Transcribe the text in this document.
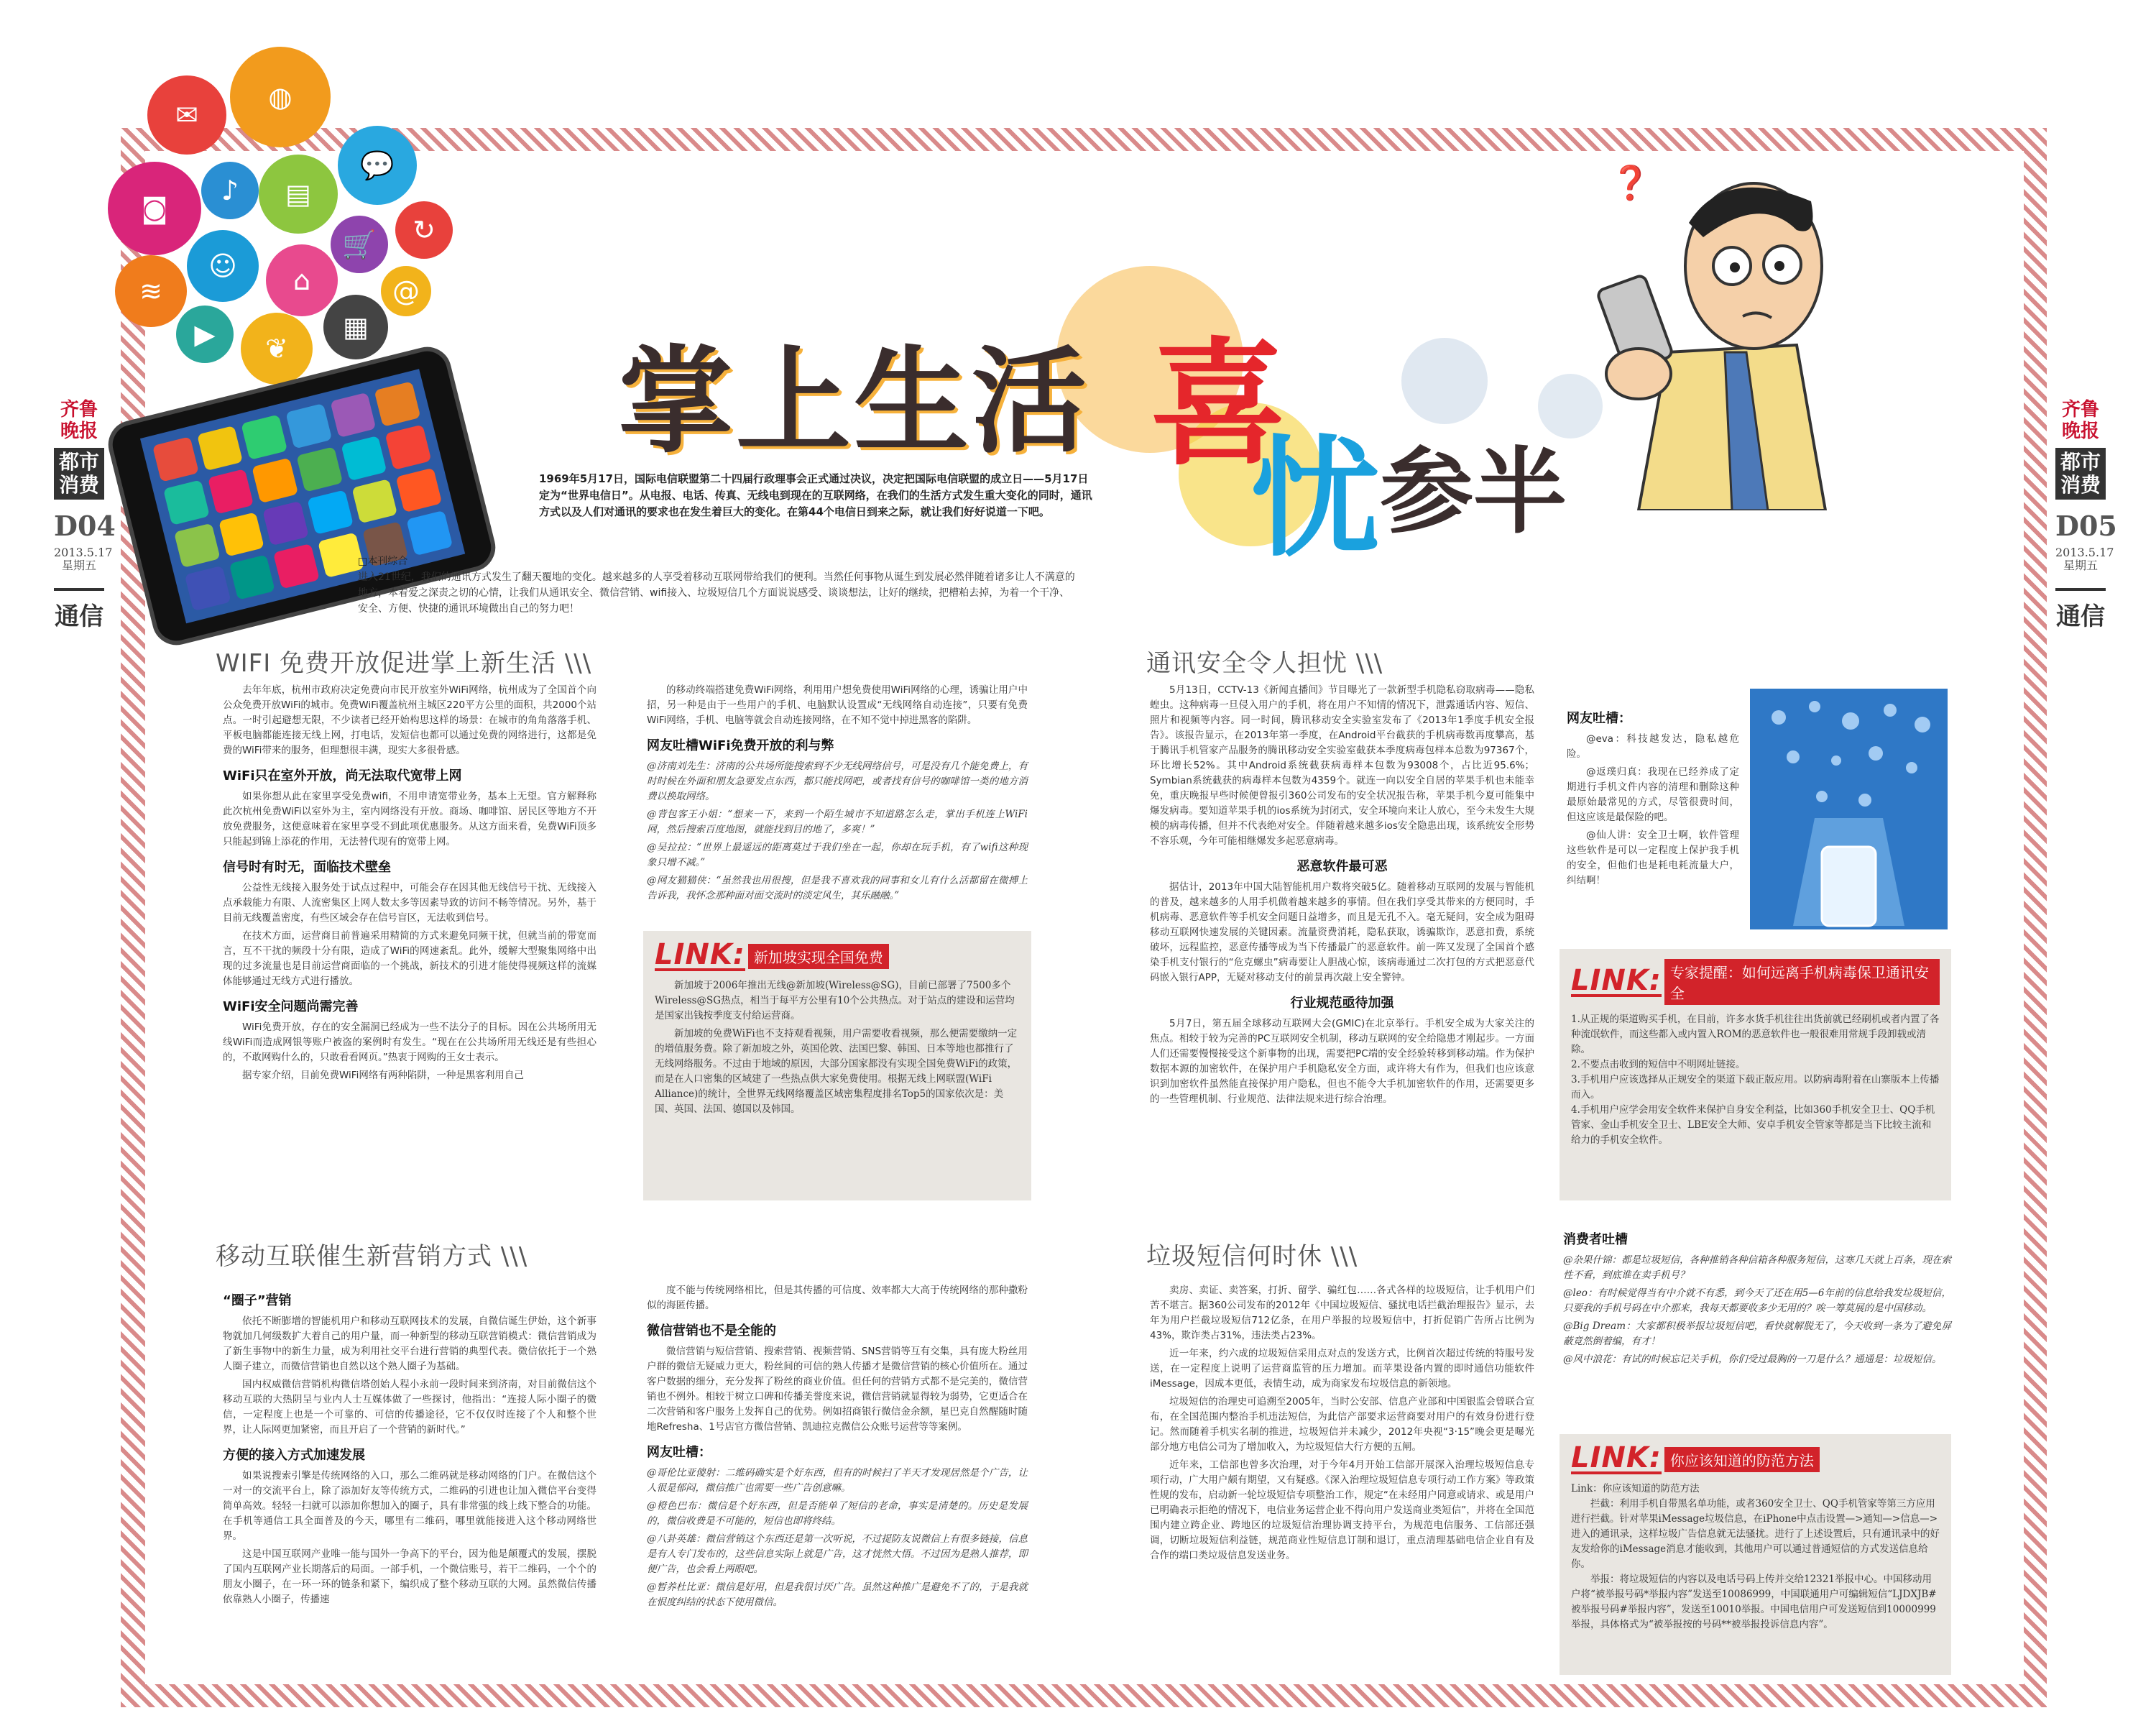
齐鲁晚报
都市消费
D04
2013.5.17 星期五
通信
齐鲁晚报
都市消费
D05
2013.5.17 星期五
通信
✉
◍
◙
♪	▤
💬
☺
≋	⌂
🛒	↻
@
▶	❦
▦
掌上生活 喜
忧 参半
❓
1969年5月17日，国际电信联盟第二十四届行政理事会正式通过决议，决定把国际电信联盟的成立日——5月17日定为“世界电信日”。从电报、电话、传真、无线电到现在的互联网络，在我们的生活方式发生重大变化的同时，通讯方式以及人们对通讯的要求也在发生着巨大的变化。在第44个电信日到来之际，就让我们好好说道一下吧。
□本刊综合
进入21世纪，我们的通讯方式发生了翻天覆地的变化。越来越多的人享受着移动互联网带给我们的便利。当然任何事物从诞生到发展必然伴随着诸多让人不满意的地方，本着爱之深责之切的心情，让我们从通讯安全、微信营销、wifi接入、垃圾短信几个方面说说感受、谈谈想法，让好的继续，把槽粕去掉，为着一个干净、安全、方便、快捷的通讯环境做出自己的努力吧！
WIFI 免费开放促进掌上新生活 \\\

去年年底，杭州市政府决定免费向市民开放室外WiFi网络，杭州成为了全国首个向公众免费开放WiFi的城市。免费WiFi覆盖杭州主城区220平方公里的面积，共2000个站点。一时引起避想无限，不少读者已经开始构思这样的场景：在城市的角角落落手机、平板电脑都能连接无线上网，打电话，发短信也都可以通过免费的网络进行，这都是免费的WiFi带来的服务，但理想很丰满，现实大多很骨感。

WiFi只在室外开放，尚无法取代宽带上网

如果你想从此在家里享受免费wifi，不用申请宽带业务，基本上无望。官方解释称此次杭州免费WiFi以室外为主，室内网络没有开放。商场、咖啡馆、居民区等地方不开放免费服务，这便意味着在家里享受不到此项优惠服务。从这方面来看，免费WiFi顶多只能起到锦上添花的作用，无法替代现有的宽带上网。

信号时有时无，面临技术壁垒

公益性无线接入服务处于试点过程中，可能会存在因其他无线信号干扰、无线接入点承载能力有限、人流密集区上网人数太多等因素导致的访问不畅等情况。另外，基于目前无线覆盖密度，有些区域会存在信号盲区，无法收到信号。

在技术方面，运营商目前普遍采用精简的方式来避免同频干扰，但就当前的带宽而言，互不干扰的频段十分有限，造成了WiFi的网速紊乱。此外，缓解大型聚集网络中出现的过多流量也是目前运营商面临的一个挑战，新技术的引进才能使得视频这样的流媒体能够通过无线方式进行播放。

WiFi安全问题尚需完善

WiFi免费开放，存在的安全漏洞已经成为一些不法分子的目标。因在公共场所用无线WiFi而造成网银等账户被盗的案例时有发生。“现在在公共场所用无线还是有些担心的，不敢网购什么的，只敢看看网页。”热衷于网购的王女士表示。

据专家介绍，目前免费WiFi网络有两种陷阱，一种是黑客利用自己

的移动终端搭建免费WiFi网络，利用用户想免费使用WiFi网络的心理，诱骗让用户中招，另一种是由于一些用户的手机、电脑默认设置成“无线网络自动连接”，只要有免费WiFi网络，手机、电脑等就会自动连接网络，在不知不觉中掉进黑客的陷阱。

网友吐槽WiFi免费开放的利与弊

@济南刘先生：济南的公共场所能搜索到不少无线网络信号，可是没有几个能免费上，有时时候在外面和朋友急要发点东西，都只能找网吧，或者找有信号的咖啡馆一类的地方消费以换取网络。

@背包客王小姐：“想来一下，来到一个陌生城市不知道路怎么走，掌出手机连上WiFi网，然后搜索百度地图，就能找到目的地了，多爽！”

@吴拉拉：“世界上最遥远的距离莫过于我们坐在一起，你却在玩手机，有了wifi这种现象只增不减。”

@网友猫猫侠：“虽然我也用很搜，但是我不喜欢我的同事和女儿有什么活都留在微搏上告诉我，我怀念那种面对面交流时的淡定风生，其乐融融。”

LINK: 新加坡实现全国免费

新加坡于2006年推出无线@新加坡(Wireless@SG)，目前已部署了7500多个Wireless@SG热点，相当于每平方公里有10个公共热点。对于站点的建设和运营均是国家出钱按季度支付给运营商。

新加坡的免费WiFi也不支持观看视频，用户需要收看视频，那么便需要缴纳一定的增值服务费。除了新加坡之外，英国伦敦、法国巴黎、韩国、日本等地也都推行了无线网络服务。不过由于地域的原因，大部分国家都没有实现全国免费WiFi的政策，而是在人口密集的区域建了一些热点供大家免费使用。根据无线上网联盟(WiFi Alliance)的统计，全世界无线网络覆盖区域密集程度排名Top5的国家依次是：美国、英国、法国、德国以及韩国。

移动互联催生新营销方式 \\\
“圈子”营销

依托不断膨增的智能机用户和移动互联网技术的发展，自微信诞生伊始，这个新事物就加几何级数扩大着自己的用户量，而一种新型的移动互联营销模式：微信营销成为了新生事物中的新生力量，成为利用社交平台进行营销的典型代表。微信依托于一个熟人圈子建立，而微信营销也自然以这个熟人圈子为基础。

国内权威微信营销机构微信塔创始人程小永前一段时间来到济南，对目前微信这个移动互联的大热阴呈与业内人士互媒体做了一些探讨，他指出：“连接人际小圈子的微信，一定程度上也是一个可靠的、可信的传播途径，它不仅仅时连接了个人和整个世界，让人际网更加紧密，而且开启了一个营销的新时代。”

方便的接入方式加速发展

如果说搜索引擎是传统网络的入口，那么二维码就是移动网络的门户。在微信这个一对一的交流平台上，除了添加好友等传统方式，二维码的引进也让加入微信平台变得简单高效。轻轻一扫就可以添加你想加入的圈子，具有非常强的线上线下整合的功能。在手机等通信工具全面普及的今天，哪里有二维码，哪里就能接进入这个移动网络世界。

这是中国互联网产业唯一能与国外一争高下的平台，因为他是颠覆式的发展，摆脱了国内互联网产业长期落后的局面。一部手机，一个微信账号，若干二维码，一个个的朋友小圈子，在一环一环的链条和紧下，编织成了整个移动互联的大网。虽然微信传播依靠熟人小圈子，传播速

度不能与传统网络相比，但是其传播的可信度、效率都大大高于传统网络的那种撒粉似的海匿传播。

微信营销也不是全能的

微信营销与短信营销、搜索营销、视频营销、SNS营销等互有交集，具有庞大粉丝用户群的微信无疑威力更大，粉丝间的可信的熟人传播才是微信营销的核心价值所在。通过客户数据的细分，充分发挥了粉丝的商业价值。但任何的营销方式都不是完美的，微信营销也不例外。相较于树立口碑和传播美誉度来说，微信营销就显得较为弱势，它更适合在二次营销和客户服务上发挥自己的优势。例如招商银行微信金余额，星巴克自然醒随时随地Refresha、1号店官方微信营销、凯迪拉克微信公众账号运营等等案例。

网友吐槽：

@哥伦比亚傻射：二维码确实是个好东西，但有的时候扫了半天才发现居然是个广告，让人很是郁闷，微信推广也需要一些广告创意嘛。

@橙色巴布：微信是个好东西，但是否能单了短信的老命，事实是清楚的。历史是发展的，微信收费是不可能的，短信也即将终结。

@八卦英雄：微信营销这个东西还是第一次听说，不过提防友说微信上有很多链接，信息是有人专门发布的，这些信息实际上就是广告，这才恍然大悟。不过因为是熟人推荐，即便广告，也会看上两眼吧。

@暂养杜比亚：微信是好用，但是我很讨厌广告。虽然这种推广是避免不了的，于是我就在恨度纠结的状态下使用微信。

通讯安全令人担忧 \\\

5月13日，CCTV-13《新闻直播间》节目曝光了一款新型手机隐私窃取病毒——隐私蝗虫。这种病毒一旦侵入用户的手机，将在用户不知情的情况下，泄露通话内容、短信、照片和视频等内容。同一时间，腾讯移动安全实验室发布了《2013年1季度手机安全报告》。该报告显示，在2013年第一季度，在Android平台截获的手机病毒数再度攀高，基于腾讯手机管家产品服务的腾讯移动安全实验室截获本季度病毒包样本总数为97367个，环比增长52%。其中Android系统截获病毒样本包数为93008个，占比近95.6%；Symbian系统截获的病毒样本包数为4359个。就连一向以安全自居的苹果手机也未能幸免，重庆晚报早些时候便曾报引360公司发布的安全状况报告称，苹果手机今夏可能集中爆发病毒。要知道苹果手机的ios系统为封闭式，安全环境向来让人放心，至今未发生大规模的病毒传播，但并不代表绝对安全。伴随着越来越多ios安全隐患出现，该系统安全形势不容乐观，今年可能相继爆发多起恶意病毒。

恶意软件最可恶

据估计，2013年中国大陆智能机用户数将突破5亿。随着移动互联网的发展与智能机的普及，越来越多的人用手机做着越来越多的事情。但在我们享受其带来的方便同时，手机病毒、恶意软件等手机安全问题日益增多，而且是无孔不入。毫无疑问，安全成为阻碍移动互联网快速发展的关键因素。流量资费消耗，隐私获取，诱骗欺诈，恶意扣费，系统破坏，远程监控，恶意传播等成为当下传播最广的恶意软件。前一阵又发现了全国首个感染手机支付银行的“危克螺虫”病毒要让人胆战心惊，该病毒通过二次打包的方式把恶意代码嵌入银行APP，无疑对移动支付的前景再次敲上安全警钟。

行业规范亟待加强

5月7日，第五届全球移动互联网大会(GMIC)在北京举行。手机安全成为大家关注的焦点。相较于较为完善的PC互联网安全机制，移动互联网的安全给隐患才刚起步。一方面人们还需要慢慢接受这个新事物的出现，需要把PC端的安全经验转移到移动端。作为保护数据本源的加密软件，在保护用户手机隐私安全方面，或许将大有作为，但我们也应该意识到加密软件虽然能直接保护用户隐私，但也不能令大手机加密软件的作用，还需要更多的一些管理机制、行业规范、法律法规来进行综合治理。

网友吐槽：

@eva：科技越发达，隐私越危险。

@返璞归真：我现在已经养成了定期进行手机文件内容的清理和删除这种最原始最常见的方式，尽管很费时间，但这应该是最保险的吧。

@仙人讲：安全卫士啊，软件管理这些软件是可以一定程度上保护我手机的安全，但他们也是耗电耗流量大户，纠结啊！

LINK: 专家提醒：如何远离手机病毒保卫通讯安全

1.从正规的渠道购买手机，在目前，许多水货手机往往出货前就已经刷机或者内置了各种流氓软件，而这些都入或内置入ROM的恶意软件也一般很难用常规手段卸载或清除。

2.不要点击收到的短信中不明网址链接。

3.手机用户应该选择从正规安全的渠道下载正版应用。以防病毒附着在山寨版本上传播而入。

4.手机用户应学会用安全软件来保护自身安全利益，比如360手机安全卫士、QQ手机管家、金山手机安全卫士、LBE安全大师、安卓手机安全管家等都是当下比较主流和给力的手机安全软件。

垃圾短信何时休 \\\

卖房、卖证、卖答案，打折、留学、骗红包……各式各样的垃圾短信，让手机用户们苦不堪言。据360公司发布的2012年《中国垃圾短信、骚扰电话拦截治理报告》显示，去年为用户拦截垃圾短信712亿条，在用户举报的垃圾短信中，打折促销广告所占比例为43%，欺诈类占31%，违法类占23%。

近一年来，约六成的垃圾短信采用点对点的发送方式，比例首次超过传统的特服号发送，在一定程度上说明了运营商监管的压力增加。而苹果设备内置的即时通信功能软件iMessage，因成本更低，表情生动，成为商家发布垃圾信息的新领地。

垃圾短信的治理史可追溯至2005年，当时公安部、信息产业部和中国银监会曾联合宣布，在全国范围内整治手机违法短信，为此信产部要求运营商要对用户的有效身份进行登记。然而随着手机实名制的推进，垃圾短信并未减少，2012年央视“3·15”晚会更是曝光部分地方电信公司为了增加收入，为垃圾短信大行方便的五闸。

近年来，工信部也曾多次治理，对于今年4月开始工信部开展深入治理垃圾短信息专项行动，广大用户颇有期望，又有疑惑。《深入治理垃圾短信息专项行动工作方案》等政策性规的发布，启动新一轮垃圾短信专项整治工作，规定“在未经用户同意或请求、或是用户已明确表示拒绝的情况下，电信业务运营企业不得向用户发送商业类短信”，并将在全国范围内建立跨企业、跨地区的垃圾短信治理协调支持平台，为规范电信服务、工信部还强调，切断垃圾短信利益链，规范商业性短信息订制和退订，重点清理基础电信企业自有及合作的端口类垃圾信息发送业务。

消费者吐槽

@杂果什锦：都是垃圾短信，各种推销各种信箱各种服务短信，这寒几天就上百条，现在索性不看，到底谁在卖手机号？

@leo：有时候觉得当有中介就不有悉，到今天了还在用5—6年前的信息给我发垃圾短信，只要我的手机号码在中介那来，我每天都要收多少无用的？唉一筹莫展的是中国移动。

@Big Dream：大家都积极举报垃圾短信吧，看快就解脱无了，今天收到一条为了避免屏蔽竟然倒着编，有才！

@风中浪花：有试的时候忘记关手机，你们受过最胸的一刀是什么？通通是：垃圾短信。

LINK: 你应该知道的防范方法

Link：你应该知道的防范方法

拦截：利用手机自带黑名单功能，或者360安全卫士、QQ手机管家等第三方应用进行拦截。针对苹果iMessage垃圾信息，在iPhone中点击设置—>通知—>信息—>进入的通讯录，这样垃圾广告信息就无法骚扰。进行了上述设置后，只有通讯录中的好友发给你的iMessage消息才能收到，其他用户可以通过普通短信的方式发送信息给你。

举报：将垃圾短信的内容以及电话号码上传并交给12321举报中心。中国移动用户将“被举报号码*举报内容”发送至10086999，中国联通用户可编辑短信“LJDXJB#被举报号码#举报内容”，发送至10010举报。中国电信用户可发送短信到10000999举报，具体格式为“被举报按的号码**被举报投诉信息内容”。
